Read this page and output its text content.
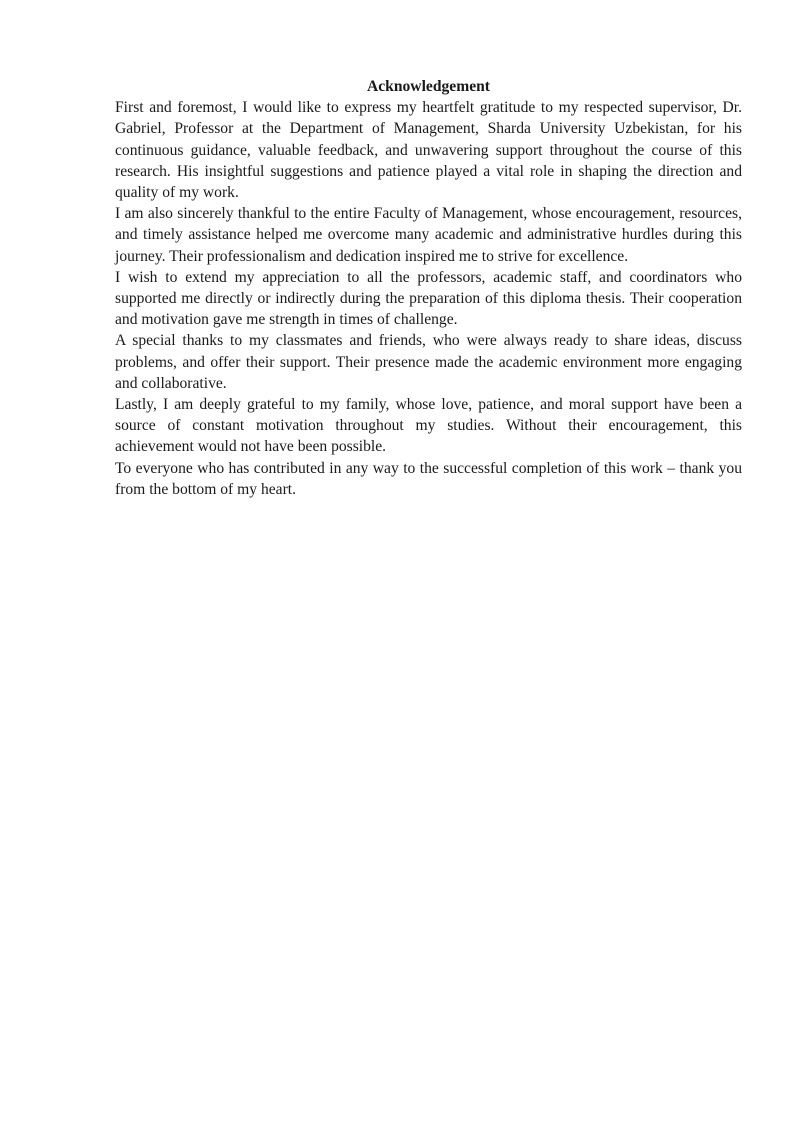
Acknowledgement

First and foremost, I would like to express my heartfelt gratitude to my respected supervisor, Dr. Gabriel, Professor at the Department of Management, Sharda University Uzbekistan, for his continuous guidance, valuable feedback, and unwavering support throughout the course of this research. His insightful suggestions and patience played a vital role in shaping the direction and quality of my work.

I am also sincerely thankful to the entire Faculty of Management, whose encouragement, resources, and timely assistance helped me overcome many academic and administrative hurdles during this journey. Their professionalism and dedication inspired me to strive for excellence.

I wish to extend my appreciation to all the professors, academic staff, and coordinators who supported me directly or indirectly during the preparation of this diploma thesis. Their cooperation and motivation gave me strength in times of challenge.

A special thanks to my classmates and friends, who were always ready to share ideas, discuss problems, and offer their support. Their presence made the academic environment more engaging and collaborative.

Lastly, I am deeply grateful to my family, whose love, patience, and moral support have been a source of constant motivation throughout my studies. Without their encouragement, this achievement would not have been possible.

To everyone who has contributed in any way to the successful completion of this work – thank you from the bottom of my heart.
